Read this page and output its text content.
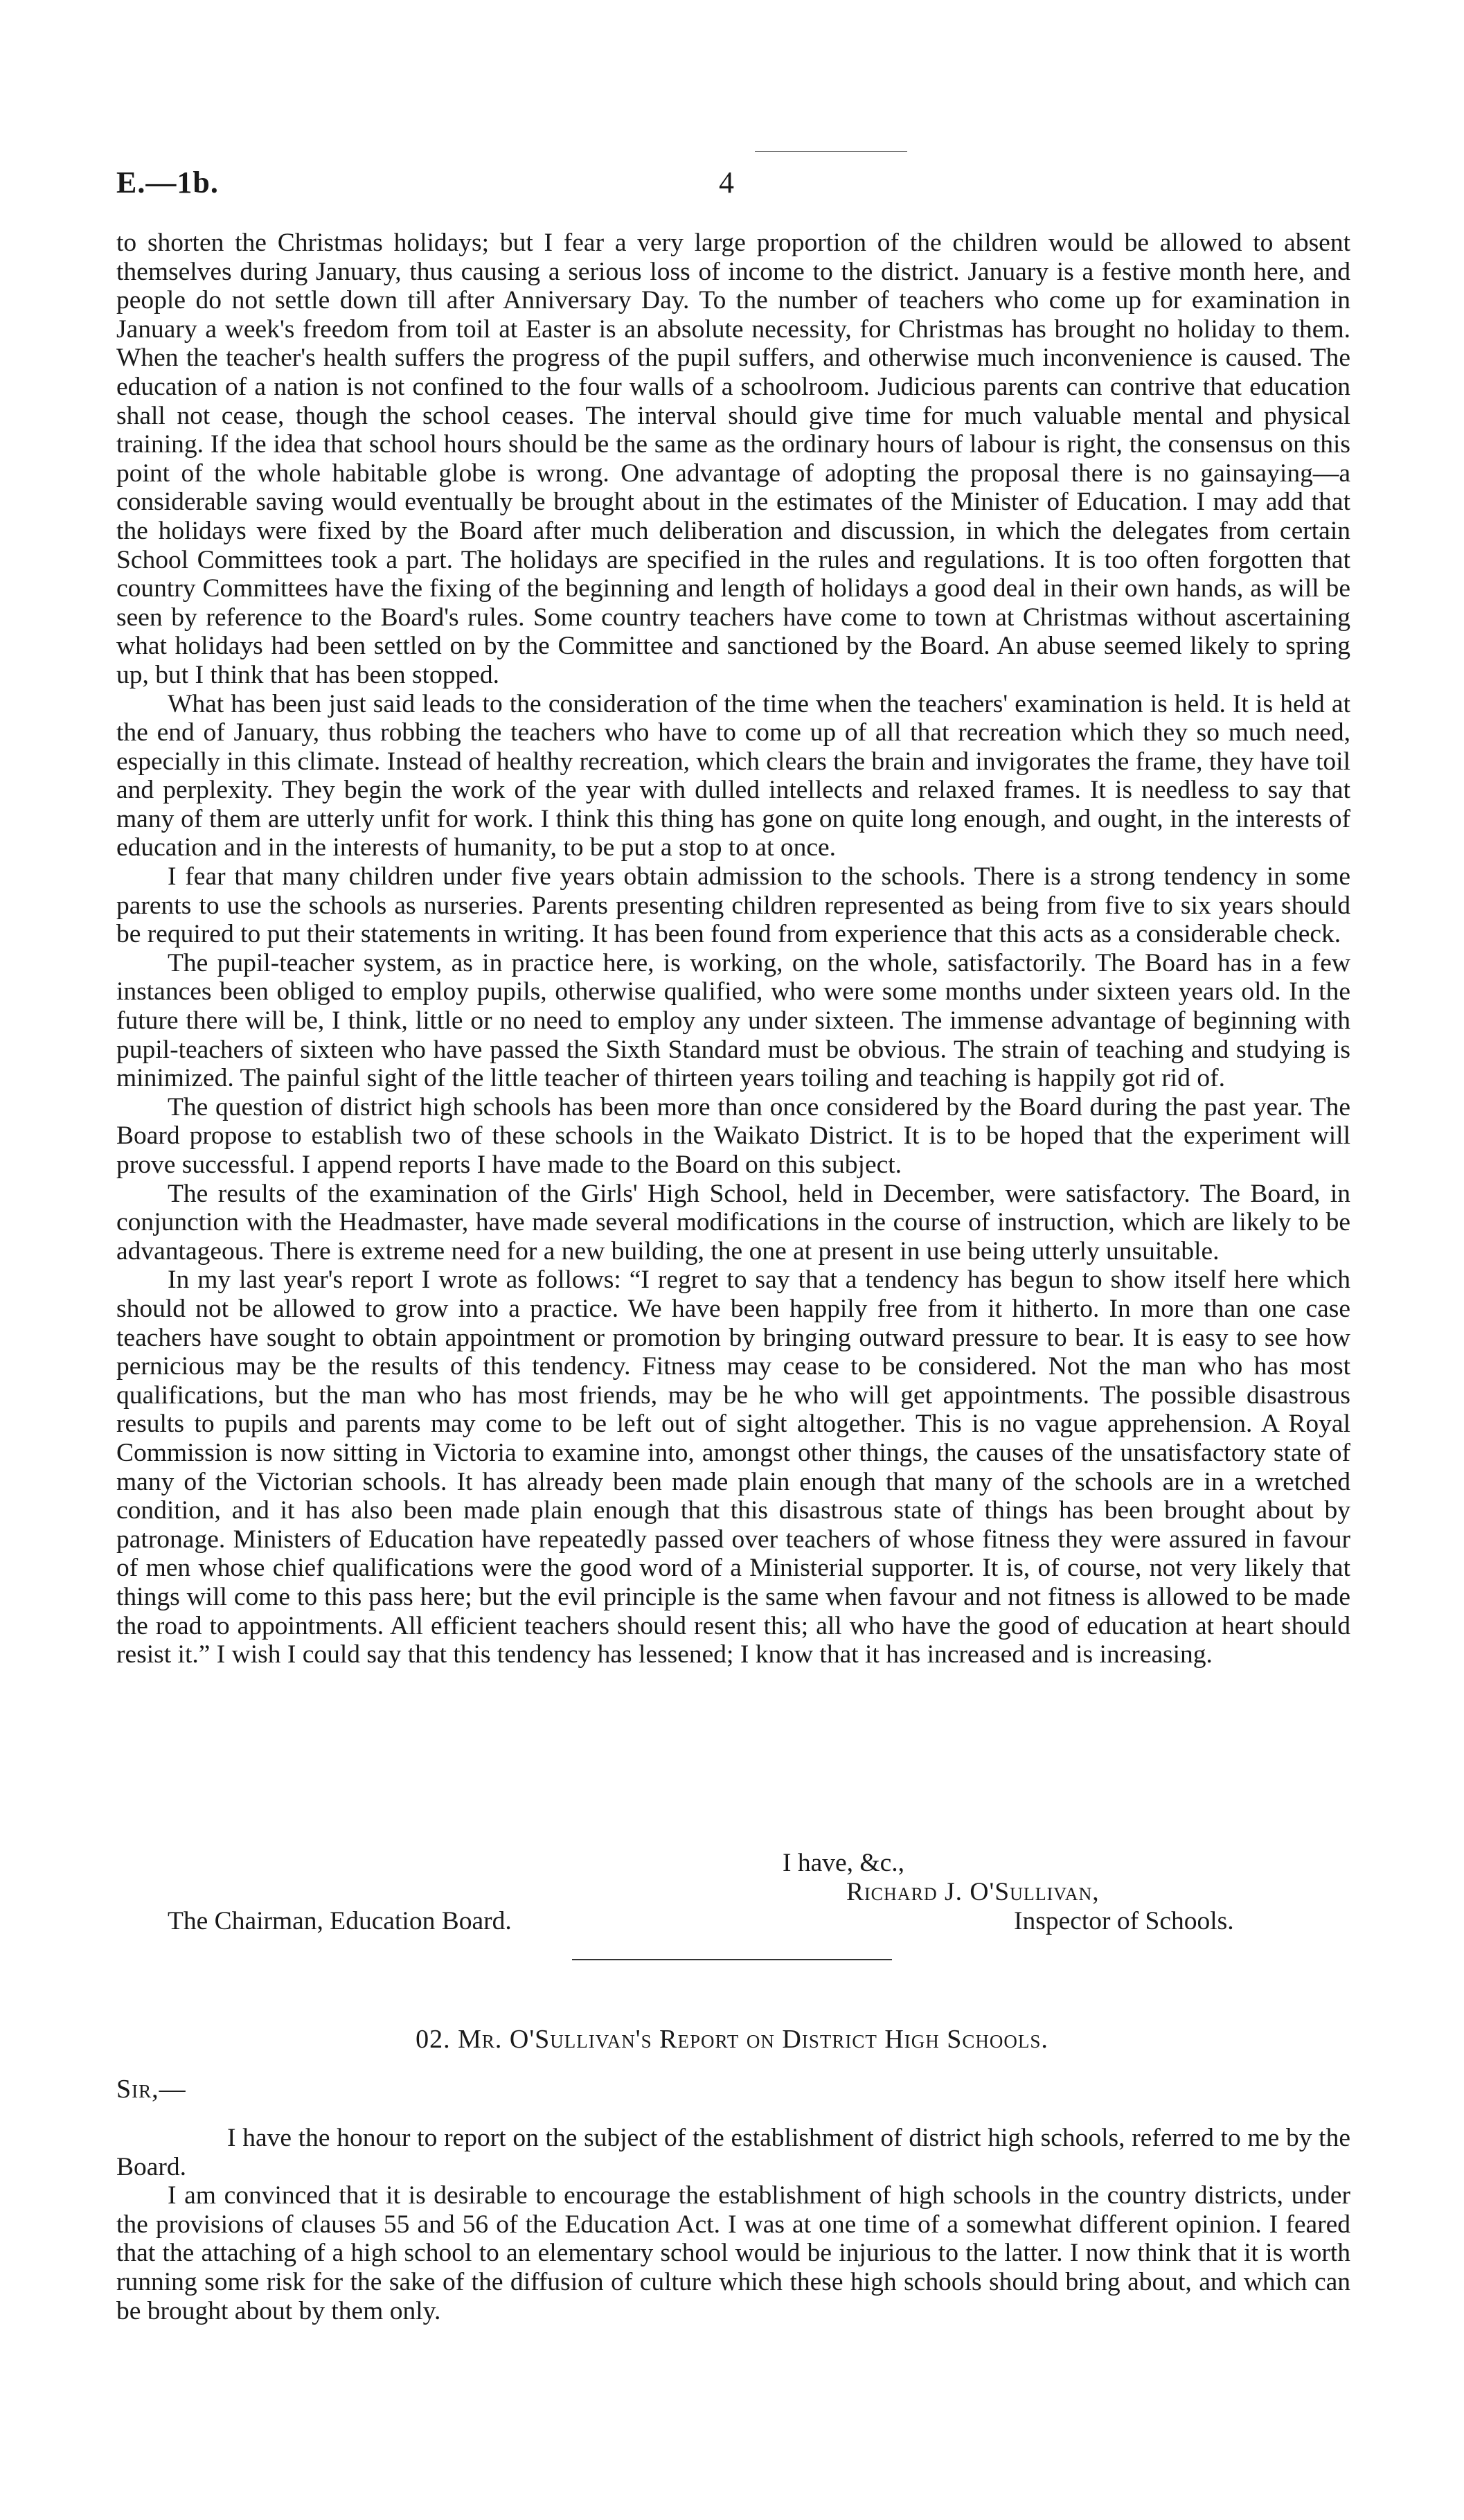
E.—1b.	4

to shorten the Christmas holidays; but I fear a very large proportion of the children would be allowed to absent themselves during January, thus causing a serious loss of income to the district. January is a festive month here, and people do not settle down till after Anniversary Day. To the number of teachers who come up for examination in January a week's freedom from toil at Easter is an absolute necessity, for Christmas has brought no holiday to them. When the teacher's health suffers the progress of the pupil suffers, and otherwise much inconvenience is caused. The education of a nation is not confined to the four walls of a schoolroom. Judicious parents can contrive that education shall not cease, though the school ceases. The interval should give time for much valuable mental and physical training. If the idea that school hours should be the same as the ordinary hours of labour is right, the consensus on this point of the whole habitable globe is wrong. One advantage of adopting the proposal there is no gainsaying—a considerable saving would eventually be brought about in the estimates of the Minister of Education. I may add that the holidays were fixed by the Board after much deliberation and discussion, in which the delegates from certain School Committees took a part. The holidays are specified in the rules and regulations. It is too often forgotten that country Committees have the fixing of the beginning and length of holidays a good deal in their own hands, as will be seen by reference to the Board's rules. Some country teachers have come to town at Christmas without ascertaining what holidays had been settled on by the Committee and sanctioned by the Board. An abuse seemed likely to spring up, but I think that has been stopped.

What has been just said leads to the consideration of the time when the teachers' examination is held. It is held at the end of January, thus robbing the teachers who have to come up of all that recreation which they so much need, especially in this climate. Instead of healthy recreation, which clears the brain and invigorates the frame, they have toil and perplexity. They begin the work of the year with dulled intellects and relaxed frames. It is needless to say that many of them are utterly unfit for work. I think this thing has gone on quite long enough, and ought, in the interests of education and in the interests of humanity, to be put a stop to at once.

I fear that many children under five years obtain admission to the schools. There is a strong tendency in some parents to use the schools as nurseries. Parents presenting children represented as being from five to six years should be required to put their statements in writing. It has been found from experience that this acts as a considerable check.

The pupil-teacher system, as in practice here, is working, on the whole, satisfactorily. The Board has in a few instances been obliged to employ pupils, otherwise qualified, who were some months under sixteen years old. In the future there will be, I think, little or no need to employ any under sixteen. The immense advantage of beginning with pupil-teachers of sixteen who have passed the Sixth Standard must be obvious. The strain of teaching and studying is minimized. The painful sight of the little teacher of thirteen years toiling and teaching is happily got rid of.

The question of district high schools has been more than once considered by the Board during the past year. The Board propose to establish two of these schools in the Waikato District. It is to be hoped that the experiment will prove successful. I append reports I have made to the Board on this subject.

The results of the examination of the Girls' High School, held in December, were satisfactory. The Board, in conjunction with the Headmaster, have made several modifications in the course of instruction, which are likely to be advantageous. There is extreme need for a new building, the one at present in use being utterly unsuitable.

In my last year's report I wrote as follows: “I regret to say that a tendency has begun to show itself here which should not be allowed to grow into a practice. We have been happily free from it hitherto. In more than one case teachers have sought to obtain appointment or promotion by bringing outward pressure to bear. It is easy to see how pernicious may be the results of this tendency. Fitness may cease to be considered. Not the man who has most qualifications, but the man who has most friends, may be he who will get appointments. The possible disastrous results to pupils and parents may come to be left out of sight altogether. This is no vague apprehension. A Royal Commission is now sitting in Victoria to examine into, amongst other things, the causes of the unsatisfactory state of many of the Victorian schools. It has already been made plain enough that many of the schools are in a wretched condition, and it has also been made plain enough that this disastrous state of things has been brought about by patronage. Ministers of Education have repeatedly passed over teachers of whose fitness they were assured in favour of men whose chief qualifications were the good word of a Ministerial supporter. It is, of course, not very likely that things will come to this pass here; but the evil principle is the same when favour and not fitness is allowed to be made the road to appointments. All efficient teachers should resent this; all who have the good of education at heart should resist it.” I wish I could say that this tendency has lessened; I know that it has increased and is increasing.

I have, &c.,
Richard J. O'Sullivan,
The Chairman, Education Board.	Inspector of Schools.
02. Mr. O'Sullivan's Report on District High Schools.
Sir,—

I have the honour to report on the subject of the establishment of district high schools, referred to me by the Board.

I am convinced that it is desirable to encourage the establishment of high schools in the country districts, under the provisions of clauses 55 and 56 of the Education Act. I was at one time of a somewhat different opinion. I feared that the attaching of a high school to an elementary school would be injurious to the latter. I now think that it is worth running some risk for the sake of the diffusion of culture which these high schools should bring about, and which can be brought about by them only.
